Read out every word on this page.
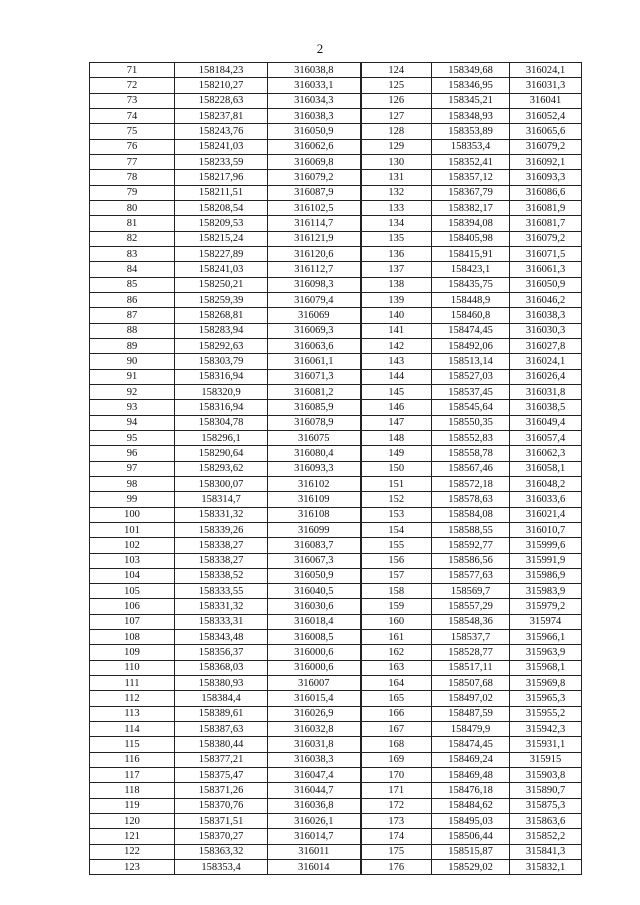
2
71	158184,23	316038,8	124	158349,68	316024,1
72	158210,27	316033,1	125	158346,95	316031,3
73	158228,63	316034,3	126	158345,21	316041
74	158237,81	316038,3	127	158348,93	316052,4
75	158243,76	316050,9	128	158353,89	316065,6
76	158241,03	316062,6	129	158353,4	316079,2
77	158233,59	316069,8	130	158352,41	316092,1
78	158217,96	316079,2	131	158357,12	316093,3
79	158211,51	316087,9	132	158367,79	316086,6
80	158208,54	316102,5	133	158382,17	316081,9
81	158209,53	316114,7	134	158394,08	316081,7
82	158215,24	316121,9	135	158405,98	316079,2
83	158227,89	316120,6	136	158415,91	316071,5
84	158241,03	316112,7	137	158423,1	316061,3
85	158250,21	316098,3	138	158435,75	316050,9
86	158259,39	316079,4	139	158448,9	316046,2
87	158268,81	316069	140	158460,8	316038,3
88	158283,94	316069,3	141	158474,45	316030,3
89	158292,63	316063,6	142	158492,06	316027,8
90	158303,79	316061,1	143	158513,14	316024,1
91	158316,94	316071,3	144	158527,03	316026,4
92	158320,9	316081,2	145	158537,45	316031,8
93	158316,94	316085,9	146	158545,64	316038,5
94	158304,78	316078,9	147	158550,35	316049,4
95	158296,1	316075	148	158552,83	316057,4
96	158290,64	316080,4	149	158558,78	316062,3
97	158293,62	316093,3	150	158567,46	316058,1
98	158300,07	316102	151	158572,18	316048,2
99	158314,7	316109	152	158578,63	316033,6
100	158331,32	316108	153	158584,08	316021,4
101	158339,26	316099	154	158588,55	316010,7
102	158338,27	316083,7	155	158592,77	315999,6
103	158338,27	316067,3	156	158586,56	315991,9
104	158338,52	316050,9	157	158577,63	315986,9
105	158333,55	316040,5	158	158569,7	315983,9
106	158331,32	316030,6	159	158557,29	315979,2
107	158333,31	316018,4	160	158548,36	315974
108	158343,48	316008,5	161	158537,7	315966,1
109	158356,37	316000,6	162	158528,77	315963,9
110	158368,03	316000,6	163	158517,11	315968,1
111	158380,93	316007	164	158507,68	315969,8
112	158384,4	316015,4	165	158497,02	315965,3
113	158389,61	316026,9	166	158487,59	315955,2
114	158387,63	316032,8	167	158479,9	315942,3
115	158380,44	316031,8	168	158474,45	315931,1
116	158377,21	316038,3	169	158469,24	315915
117	158375,47	316047,4	170	158469,48	315903,8
118	158371,26	316044,7	171	158476,18	315890,7
119	158370,76	316036,8	172	158484,62	315875,3
120	158371,51	316026,1	173	158495,03	315863,6
121	158370,27	316014,7	174	158506,44	315852,2
122	158363,32	316011	175	158515,87	315841,3
123	158353,4	316014	176	158529,02	315832,1
